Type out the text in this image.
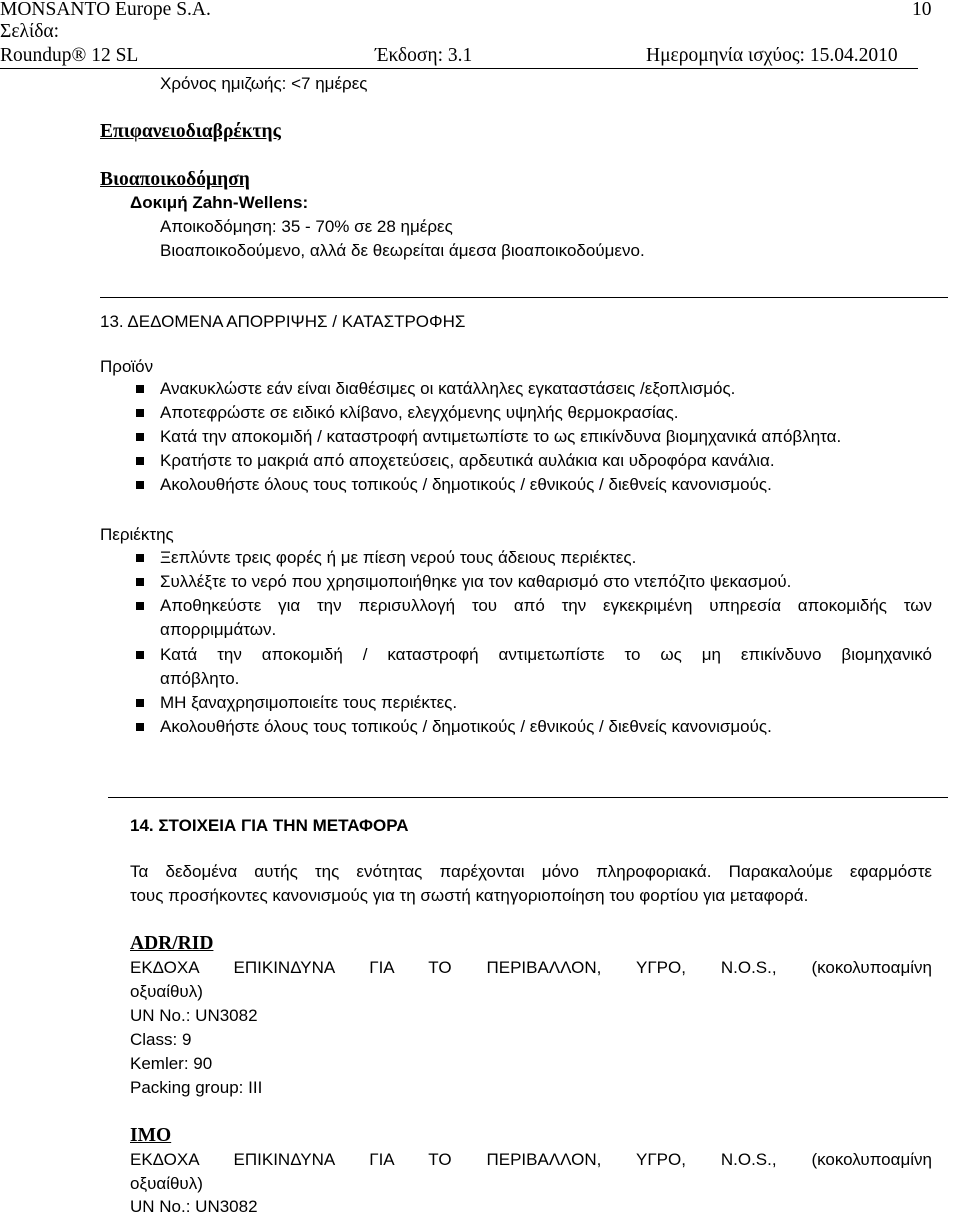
MONSANTO Europe S.A.
Σελίδα:
10
Roundup® 12 SL	Έκδοση: 3.1	Ημερομηνία ισχύος: 15.04.2010
Χρόνος ημιζωής: <7 ημέρες
Επιφανειοδιαβρέκτης
Βιοαποικοδόμηση
Δοκιμή Zahn-Wellens:
Αποικοδόμηση: 35 - 70% σε 28 ημέρες
Βιοαποικοδούμενο, αλλά δε θεωρείται άμεσα βιοαποικοδούμενο.
13. ΔΕΔΟΜΕΝΑ ΑΠΟΡΡΙΨΗΣ / ΚΑΤΑΣΤΡΟΦΗΣ
Προϊόν
Ανακυκλώστε εάν είναι διαθέσιμες οι κατάλληλες εγκαταστάσεις /εξοπλισμός.
Αποτεφρώστε σε ειδικό κλίβανο, ελεγχόμενης υψηλής θερμοκρασίας.
Κατά την αποκομιδή / καταστροφή αντιμετωπίστε το ως επικίνδυνα βιομηχανικά απόβλητα.
Κρατήστε το μακριά από αποχετεύσεις, αρδευτικά αυλάκια και υδροφόρα κανάλια.
Ακολουθήστε όλους τους τοπικούς / δημοτικούς / εθνικούς / διεθνείς κανονισμούς.
Περιέκτης
Ξεπλύντε τρεις φορές ή με πίεση νερού τους άδειους περιέκτες.
Συλλέξτε το νερό που χρησιμοποιήθηκε για τον καθαρισμό στο ντεπόζιτο ψεκασμού.
Αποθηκεύστε για την περισυλλογή του από την εγκεκριμένη υπηρεσία αποκομιδής των
απορριμμάτων.
Κατά την αποκομιδή / καταστροφή αντιμετωπίστε το ως μη επικίνδυνο βιομηχανικό
απόβλητο.
ΜΗ ξαναχρησιμοποιείτε τους περιέκτες.
Ακολουθήστε όλους τους τοπικούς / δημοτικούς / εθνικούς / διεθνείς κανονισμούς.
14. ΣΤΟΙΧΕΙΑ ΓΙΑ ΤΗΝ ΜΕΤΑΦΟΡΑ
Τα δεδομένα αυτής της ενότητας παρέχονται μόνο πληροφοριακά. Παρακαλούμε εφαρμόστε
τους προσήκοντες κανονισμούς για τη σωστή κατηγοριοποίηση του φορτίου για μεταφορά.
ADR/RID
ΕΚΔΟΧΑ ΕΠΙΚΙΝΔΥΝΑ ΓΙΑ ΤΟ ΠΕΡΙΒΑΛΛΟΝ, ΥΓΡΟ, N.O.S., (κοκολυποαμίνη
οξυαίθυλ)
UN No.: UN3082
Class: 9
Kemler: 90
Packing group: III
IMO
ΕΚΔΟΧΑ ΕΠΙΚΙΝΔΥΝΑ ΓΙΑ ΤΟ ΠΕΡΙΒΑΛΛΟΝ, ΥΓΡΟ, N.O.S., (κοκολυποαμίνη
οξυαίθυλ)
UN No.: UN3082
